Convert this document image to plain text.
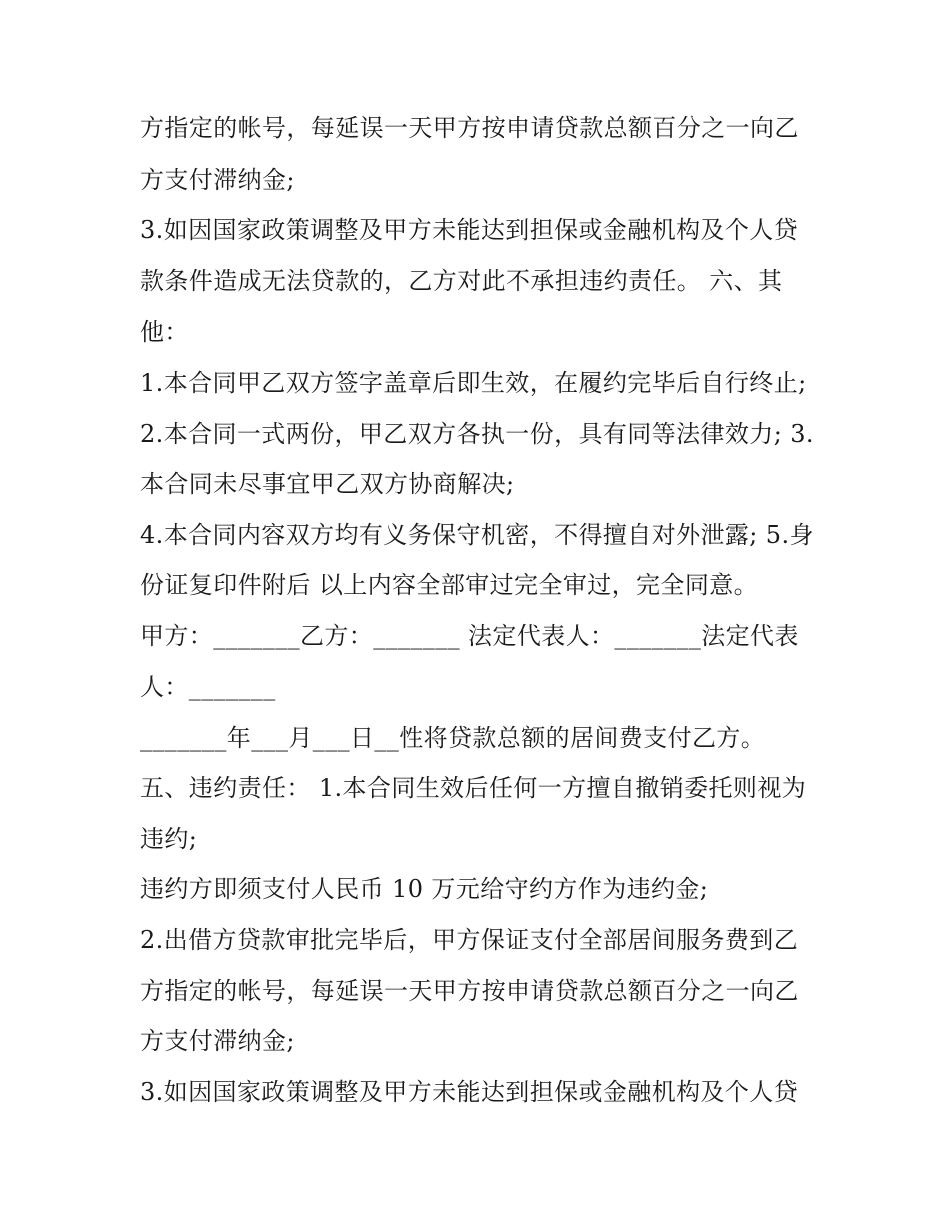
方指定的帐号，每延误一天甲方按申请贷款总额百分之一向乙
方支付滞纳金;
3.如因国家政策调整及甲方未能达到担保或金融机构及个人贷
款条件造成无法贷款的，乙方对此不承担违约责任。 六、其
他：
1.本合同甲乙双方签字盖章后即生效，在履约完毕后自行终止;
2.本合同一式两份，甲乙双方各执一份，具有同等法律效力; 3.
本合同未尽事宜甲乙双方协商解决;
4.本合同内容双方均有义务保守机密，不得擅自对外泄露; 5.身
份证复印件附后 以上内容全部审过完全审过，完全同意。
甲方：_______乙方：_______ 法定代表人：_______法定代表
人：_______
_______年___月___日__性将贷款总额的居间费支付乙方。
五、违约责任： 1.本合同生效后任何一方擅自撤销委托则视为
违约;
违约方即须支付人民币 10 万元给守约方作为违约金;
2.出借方贷款审批完毕后，甲方保证支付全部居间服务费到乙
方指定的帐号，每延误一天甲方按申请贷款总额百分之一向乙
方支付滞纳金;
3.如因国家政策调整及甲方未能达到担保或金融机构及个人贷
